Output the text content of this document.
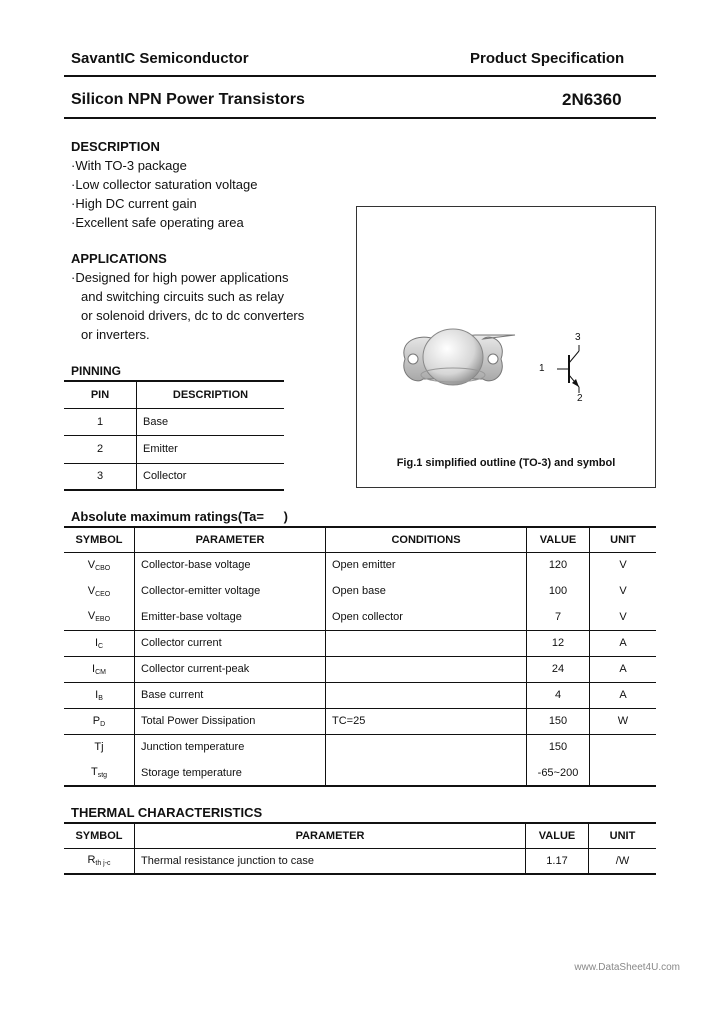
SavantIC Semiconductor	Product Specification
Silicon NPN Power Transistors	2N6360
DESCRIPTION
·With TO-3 package
·Low collector saturation voltage
·High DC current gain
·Excellent safe operating area
APPLICATIONS
·Designed for high power applications
and switching circuits such as relay
or solenoid drivers, dc to dc converters
or inverters.
PINNING
PIN	DESCRIPTION
1	Base
2	Emitter
3	Collector
1
2
3
Fig.1 simplified outline (TO-3) and symbol
Absolute maximum ratings(Ta= )
SYMBOL	PARAMETER	CONDITIONS	VALUE	UNIT
$V_{CBO}$	Collector-base voltage	Open emitter	120	V
$V_{CEO}$	Collector-emitter voltage	Open base	100	V
$V_{EBO}$	Emitter-base voltage	Open collector	7	V
$I_C$	Collector current		12	A
$I_{CM}$	Collector current-peak		24	A
$I_B$	Base current		4	A
$P_D$	Total Power Dissipation	TC=25	150	W
Tj	Junction temperature		150	
$T_{stg}$	Storage temperature		-65~200	
THERMAL CHARACTERISTICS
SYMBOL	PARAMETER	VALUE	UNIT
$R_{th j-c}$	Thermal resistance junction to case	1.17	/W
www.DataSheet4U.com
